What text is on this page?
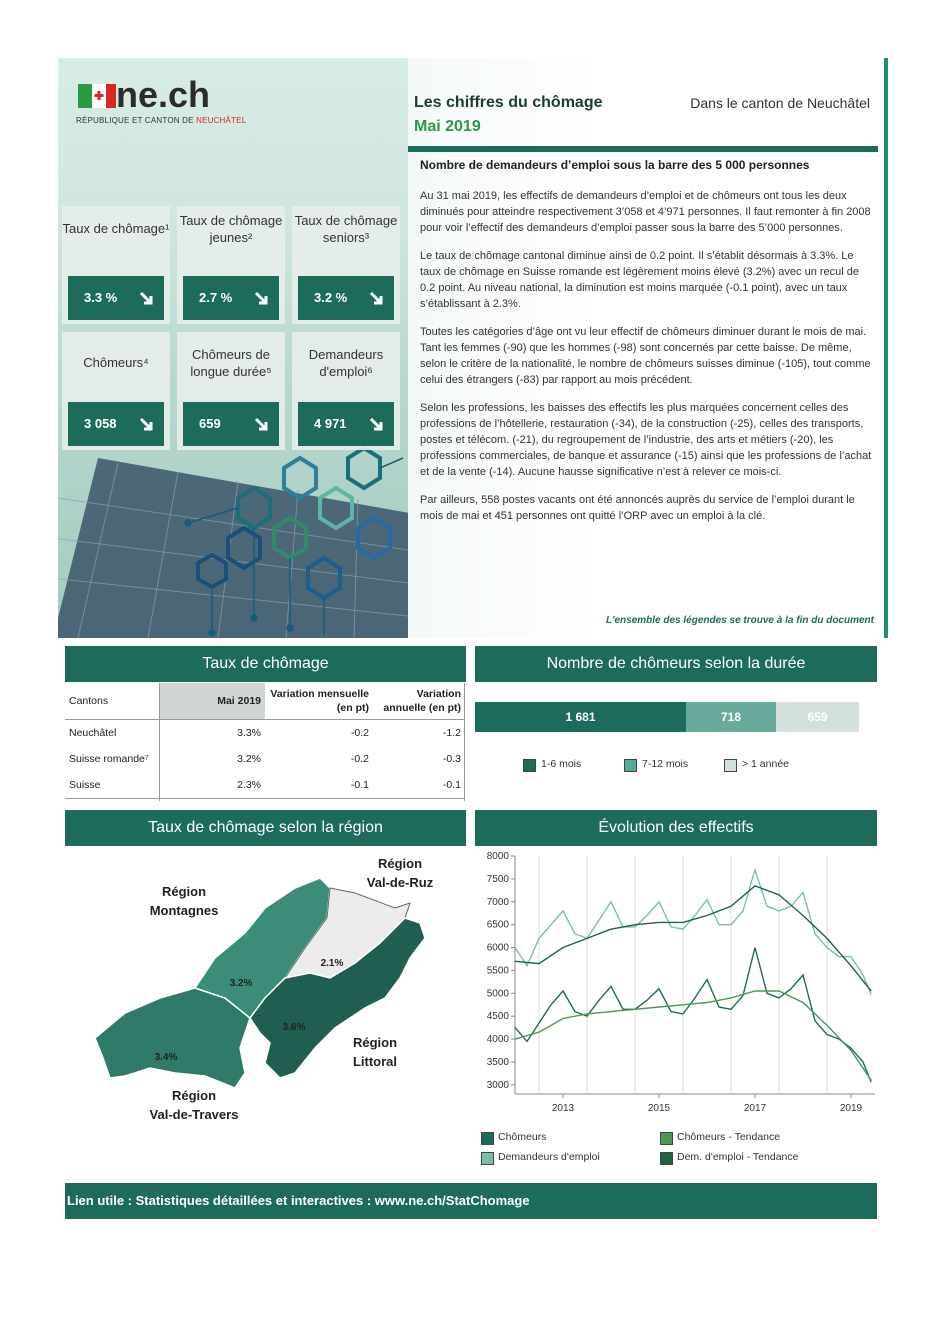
ne.ch
RÉPUBLIQUE ET CANTON DE NEUCHÂTEL
Taux de chômage¹
3.3 %
Taux de chômage jeunes²
2.7 %
Taux de chômage seniors³
3.2 %
Chômeurs⁴
3 058
Chômeurs de longue durée⁵
659
Demandeurs d'emploi⁶
4 971
Les chiffres du chômage
Mai 2019
Dans le canton de Neuchâtel
Nombre de demandeurs d’emploi sous la barre des 5 000 personnes

Au 31 mai 2019, les effectifs de demandeurs d’emploi et de chômeurs ont tous les deux diminués pour atteindre respectivement 3’058 et 4’971 personnes. Il faut remonter à fin 2008 pour voir l’effectif des demandeurs d’emploi passer sous la barre des 5’000 personnes.

Le taux de chômage cantonal diminue ainsi de 0.2 point. Il s’établit désormais à 3.3%. Le taux de chômage en Suisse romande est légèrement moins élevé (3.2%) avec un recul de 0.2 point. Au niveau national, la diminution est moins marquée (-0.1 point), avec un taux s’établissant à 2.3%.

Toutes les catégories d’âge ont vu leur effectif de chômeurs diminuer durant le mois de mai. Tant les femmes (-90) que les hommes (-98) sont concernés par cette baisse. De même, selon le critère de la nationalité, le nombre de chômeurs suisses diminue (-105), tout comme celui des étrangers (-83) par rapport au mois précédent.

Selon les professions, les baisses des effectifs les plus marquées concernent celles des professions de l’hôtellerie, restauration (-34), de la construction (-25), celles des transports, postes et télécom. (-21), du regroupement de l’industrie, des arts et métiers (-20), les professions commerciales, de banque et assurance (-15) ainsi que les professions de l’achat et de la vente (-14). Aucune hausse significative n’est à relever ce mois-ci.

Par ailleurs, 558 postes vacants ont été annoncés auprès du service de l’emploi durant le mois de mai et 451 personnes ont quitté l’ORP avec un emploi à la clé.

L'ensemble des légendes se trouve à la fin du document
Taux de chômage
Cantons	Mai 2019	Variation mensuelle (en pt)	Variation annuelle (en pt)
Neuchâtel	3.3%	-0.2	-1.2
Suisse romande⁷	3.2%	-0.2	-0.3
Suisse	2.3%	-0.1	-0.1
Nombre de chômeurs selon la durée
1 681	718	659
1-6 mois	7-12 mois	> 1 année
Taux de chômage selon la région
Région Montagnes
Région Val-de-Ruz
Région Littoral
Région Val-de-Travers
3.2%
2.1%
3.6%
3.4%
Évolution des effectifs
3000
3500
4000
4500
5000
5500
6000
6500
7000
7500
8000
2013	2015	2017	2019
Chômeurs	Chômeurs - Tendance
Demandeurs d'emploi	Dem. d'emploi - Tendance
Lien utile : Statistiques détaillées et interactives : www.ne.ch/StatChomage
